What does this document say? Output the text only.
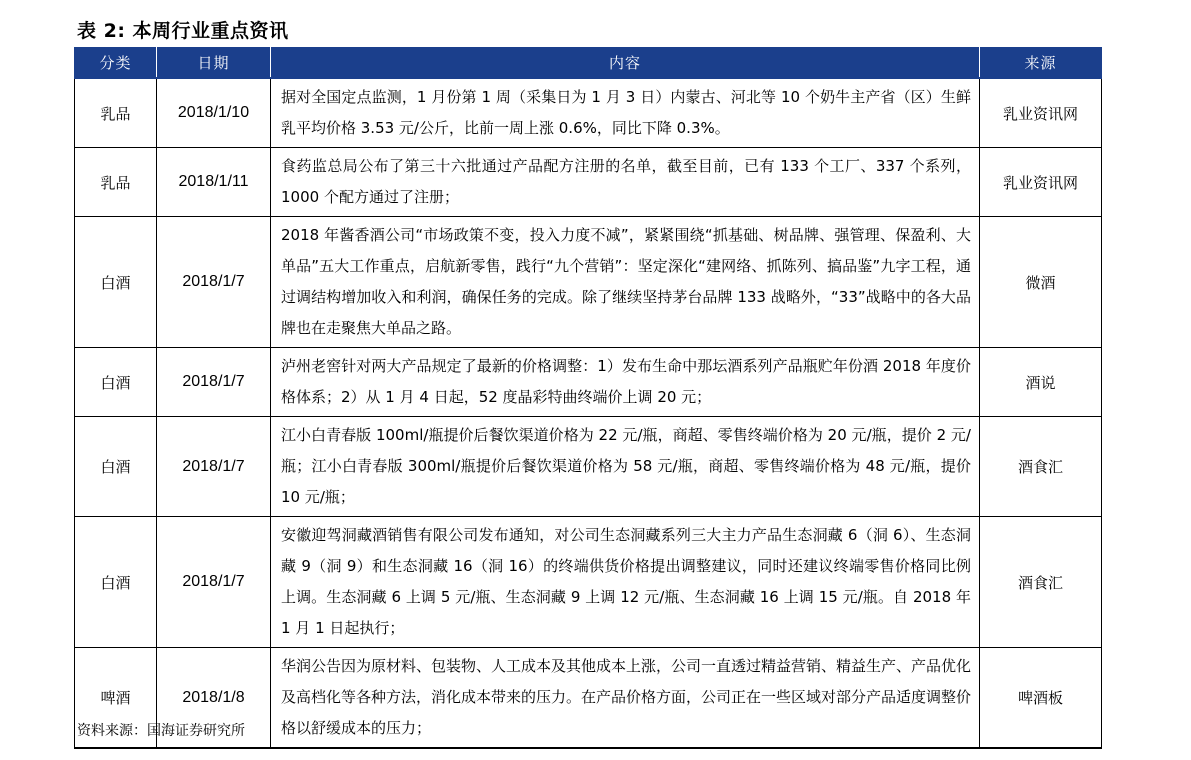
表 2: 本周行业重点资讯
分类	日期	内容	来源
乳品	2018/1/10	据对全国定点监测，1 月份第 1 周（采集日为 1 月 3 日）内蒙古、河北等 10 个奶牛主产省（区）生鲜乳平均价格 3.53 元/公斤，比前一周上涨 0.6%，同比下降 0.3%。	乳业资讯网
乳品	2018/1/11	食药监总局公布了第三十六批通过产品配方注册的名单，截至目前，已有 133 个工厂、337 个系列，1000 个配方通过了注册；	乳业资讯网
白酒	2018/1/7	2018 年酱香酒公司“市场政策不变，投入力度不减”，紧紧围绕“抓基础、树品牌、强管理、保盈利、大单品”五大工作重点，启航新零售，践行“九个营销”：坚定深化“建网络、抓陈列、搞品鉴”九字工程，通过调结构增加收入和利润，确保任务的完成。除了继续坚持茅台品牌 133 战略外，“33”战略中的各大品牌也在走聚焦大单品之路。	微酒
白酒	2018/1/7	泸州老窖针对两大产品规定了最新的价格调整：1）发布生命中那坛酒系列产品瓶贮年份酒 2018 年度价格体系；2）从 1 月 4 日起，52 度晶彩特曲终端价上调 20 元；	酒说
白酒	2018/1/7	江小白青春版 100ml/瓶提价后餐饮渠道价格为 22 元/瓶，商超、零售终端价格为 20 元/瓶，提价 2 元/瓶；江小白青春版 300ml/瓶提价后餐饮渠道价格为 58 元/瓶，商超、零售终端价格为 48 元/瓶，提价 10 元/瓶；	酒食汇
白酒	2018/1/7	安徽迎驾洞藏酒销售有限公司发布通知，对公司生态洞藏系列三大主力产品生态洞藏 6（洞 6）、生态洞藏 9（洞 9）和生态洞藏 16（洞 16）的终端供货价格提出调整建议，同时还建议终端零售价格同比例上调。生态洞藏 6 上调 5 元/瓶、生态洞藏 9 上调 12 元/瓶、生态洞藏 16 上调 15 元/瓶。自 2018 年 1 月 1 日起执行；	酒食汇
啤酒	2018/1/8	华润公告因为原材料、包装物、人工成本及其他成本上涨，公司一直透过精益营销、精益生产、产品优化及高档化等各种方法，消化成本带来的压力。在产品价格方面，公司正在一些区域对部分产品适度调整价格以舒缓成本的压力；	啤酒板
资料来源：国海证券研究所
